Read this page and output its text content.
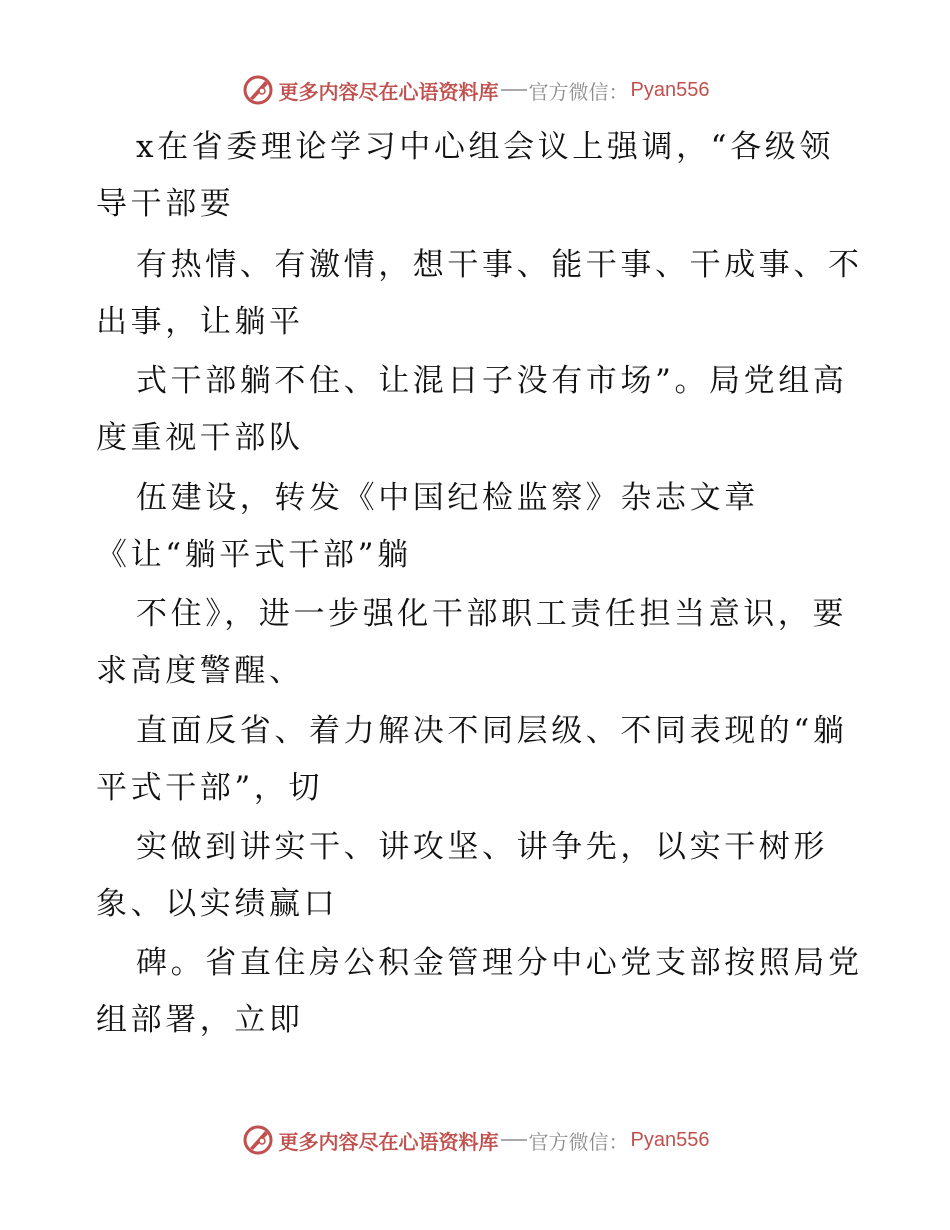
更多内容尽在心语资料库 官方微信： Pyan556
x在省委理论学习中心组会议上强调，“各级领
导干部要
有热情、有激情，想干事、能干事、干成事、不
出事，让躺平
式干部躺不住、让混日子没有市场”。局党组高
度重视干部队
伍建设，转发《中国纪检监察》杂志文章
《让“躺平式干部”躺
不住》，进一步强化干部职工责任担当意识，要
求高度警醒、
直面反省、着力解决不同层级、不同表现的“躺
平式干部”，切
实做到讲实干、讲攻坚、讲争先，以实干树形
象、以实绩赢口
碑。省直住房公积金管理分中心党支部按照局党
组部署，立即
更多内容尽在心语资料库 官方微信： Pyan556
